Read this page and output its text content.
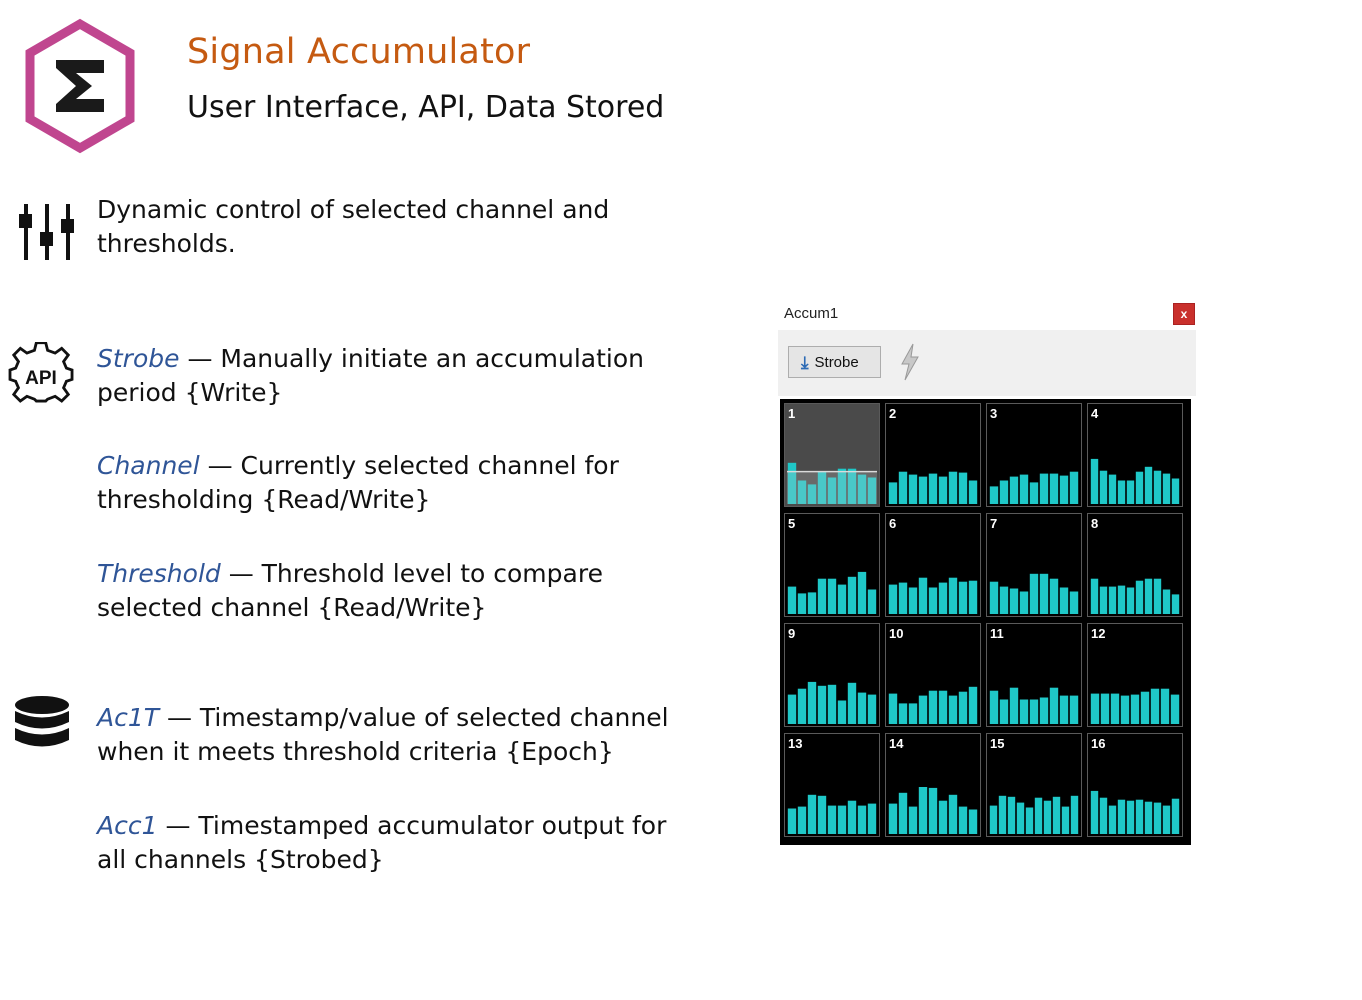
Signal Accumulator
User Interface, API, Data Stored
Dynamic control of selected channel and thresholds.
API
Strobe — Manually initiate an accumulation period {Write}
Channel — Currently selected channel for thresholding {Read/Write}
Threshold — Threshold level to compare selected channel {Read/Write}
Ac1T — Timestamp/value of selected channel when it meets threshold criteria {Epoch}
Acc1 — Timestamped accumulator output for all channels {Strobed}
Accum1	x
⤓ Strobe
1	2	3	4
5	6	7	8
9	10	11	12
13	14	15	16
